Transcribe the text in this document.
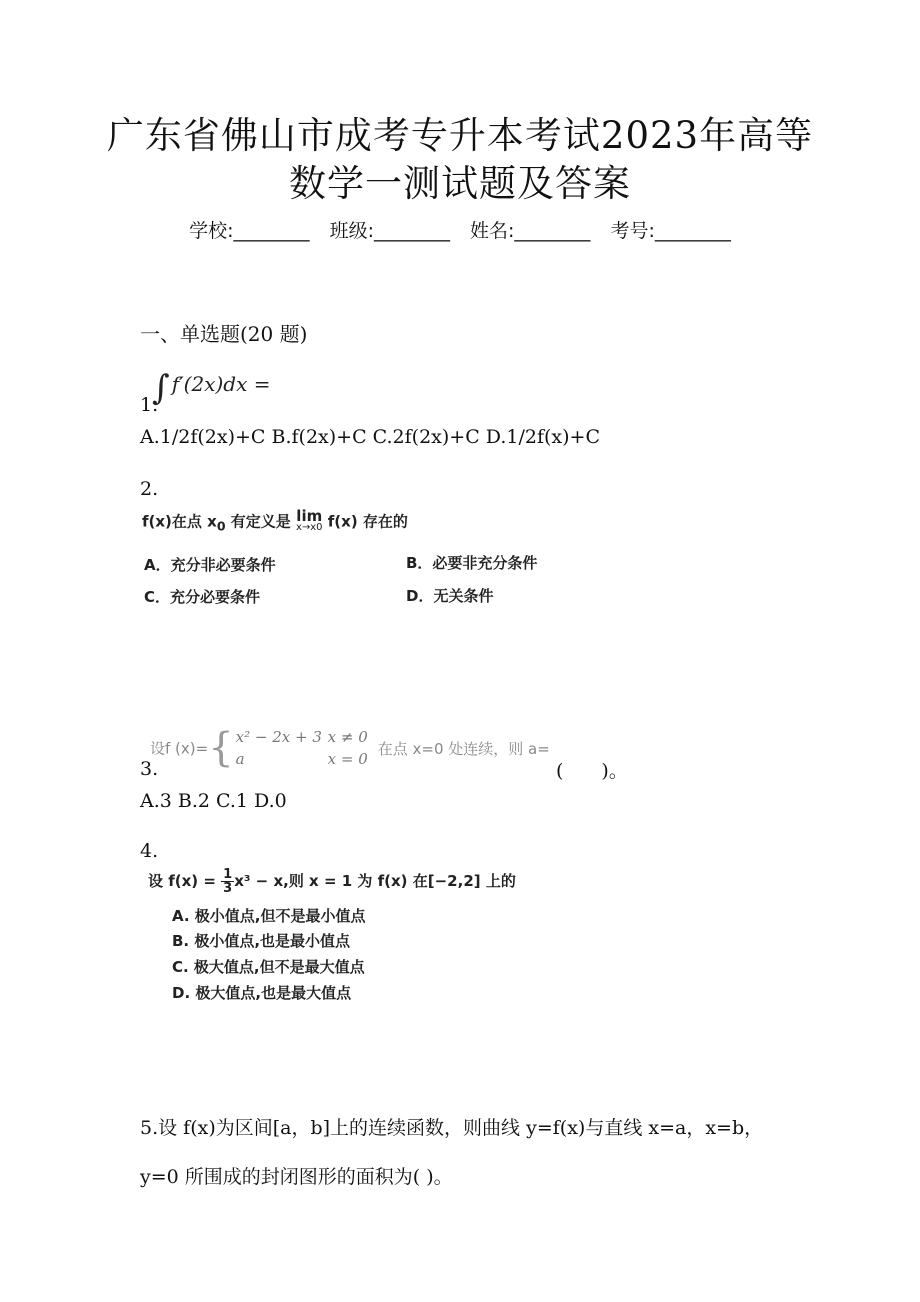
广东省佛山市成考专升本考试2023年高等
数学一测试题及答案
学校:________ 班级:________ 姓名:________ 考号:________
一、单选题(20 题)
∫ f′(2x)dx =
1.
A.1/2f(2x)+C B.f(2x)+C C.2f(2x)+C D.1/2f(x)+C
2.
f(x)在点 $x_0$ 有定义是 lim
x→x0 f(x) 存在的
A．充分非必要条件	B．必要非充分条件
C．充分必要条件	D．无关条件
设f (x)={ x² − 2x + 3 x ≠ 0
a	x = 0
在点 x=0 处连续，则 a=
3.	(　　)。
A.3 B.2 C.1 D.0
4.
设 $f(x) = \frac{1}{3}x^3 - x$,则 x = 1 为 f(x) 在[−2,2] 上的
A. 极小值点,但不是最小值点
B. 极小值点,也是最小值点
C. 极大值点,但不是最大值点
D. 极大值点,也是最大值点
5.设 f(x)为区间[a，b]上的连续函数，则曲线 y=f(x)与直线 x=a，x=b，
y=0 所围成的封闭图形的面积为( )。
